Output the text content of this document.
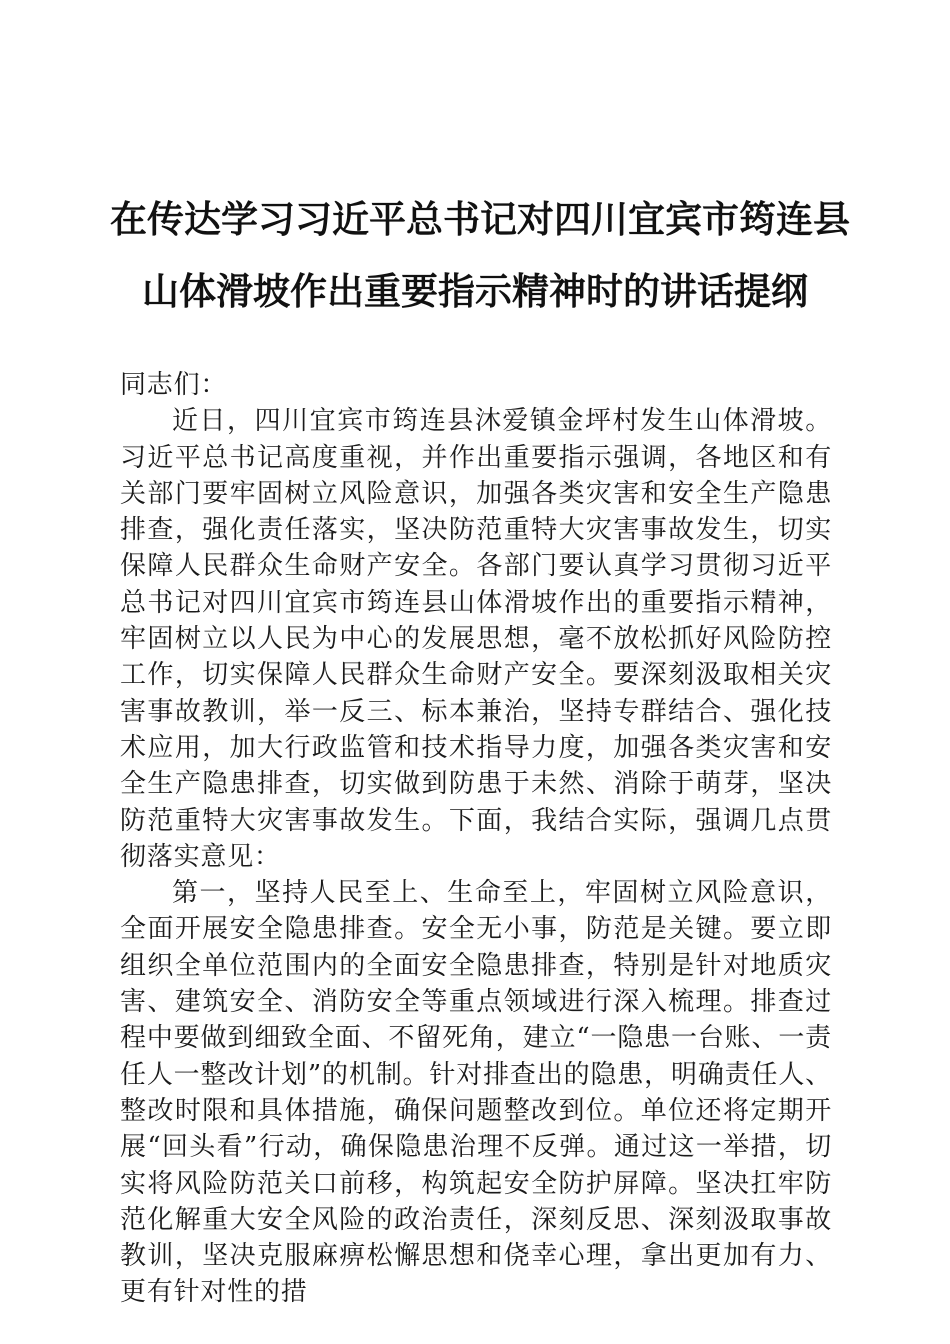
在传达学习习近平总书记对四川宜宾市筠连县
山体滑坡作出重要指示精神时的讲话提纲

同志们：

近日，四川宜宾市筠连县沐爱镇金坪村发生山体滑坡。习近平总书记高度重视，并作出重要指示强调，各地区和有关部门要牢固树立风险意识，加强各类灾害和安全生产隐患排查，强化责任落实，坚决防范重特大灾害事故发生，切实保障人民群众生命财产安全。各部门要认真学习贯彻习近平总书记对四川宜宾市筠连县山体滑坡作出的重要指示精神，牢固树立以人民为中心的发展思想，毫不放松抓好风险防控工作，切实保障人民群众生命财产安全。要深刻汲取相关灾害事故教训，举一反三、标本兼治，坚持专群结合、强化技术应用，加大行政监管和技术指导力度，加强各类灾害和安全生产隐患排查，切实做到防患于未然、消除于萌芽，坚决防范重特大灾害事故发生。下面，我结合实际，强调几点贯彻落实意见：

第一，坚持人民至上、生命至上，牢固树立风险意识，全面开展安全隐患排查。安全无小事，防范是关键。要立即组织全单位范围内的全面安全隐患排查，特别是针对地质灾害、建筑安全、消防安全等重点领域进行深入梳理。排查过程中要做到细致全面、不留死角，建立“一隐患一台账、一责任人一整改计划”的机制。针对排查出的隐患，明确责任人、整改时限和具体措施，确保问题整改到位。单位还将定期开展“回头看”行动，确保隐患治理不反弹。通过这一举措，切实将风险防范关口前移，构筑起安全防护屏障。坚决扛牢防范化解重大安全风险的政治责任，深刻反思、深刻汲取事故教训，坚决克服麻痹松懈思想和侥幸心理，拿出更加有力、更有针对性的措
